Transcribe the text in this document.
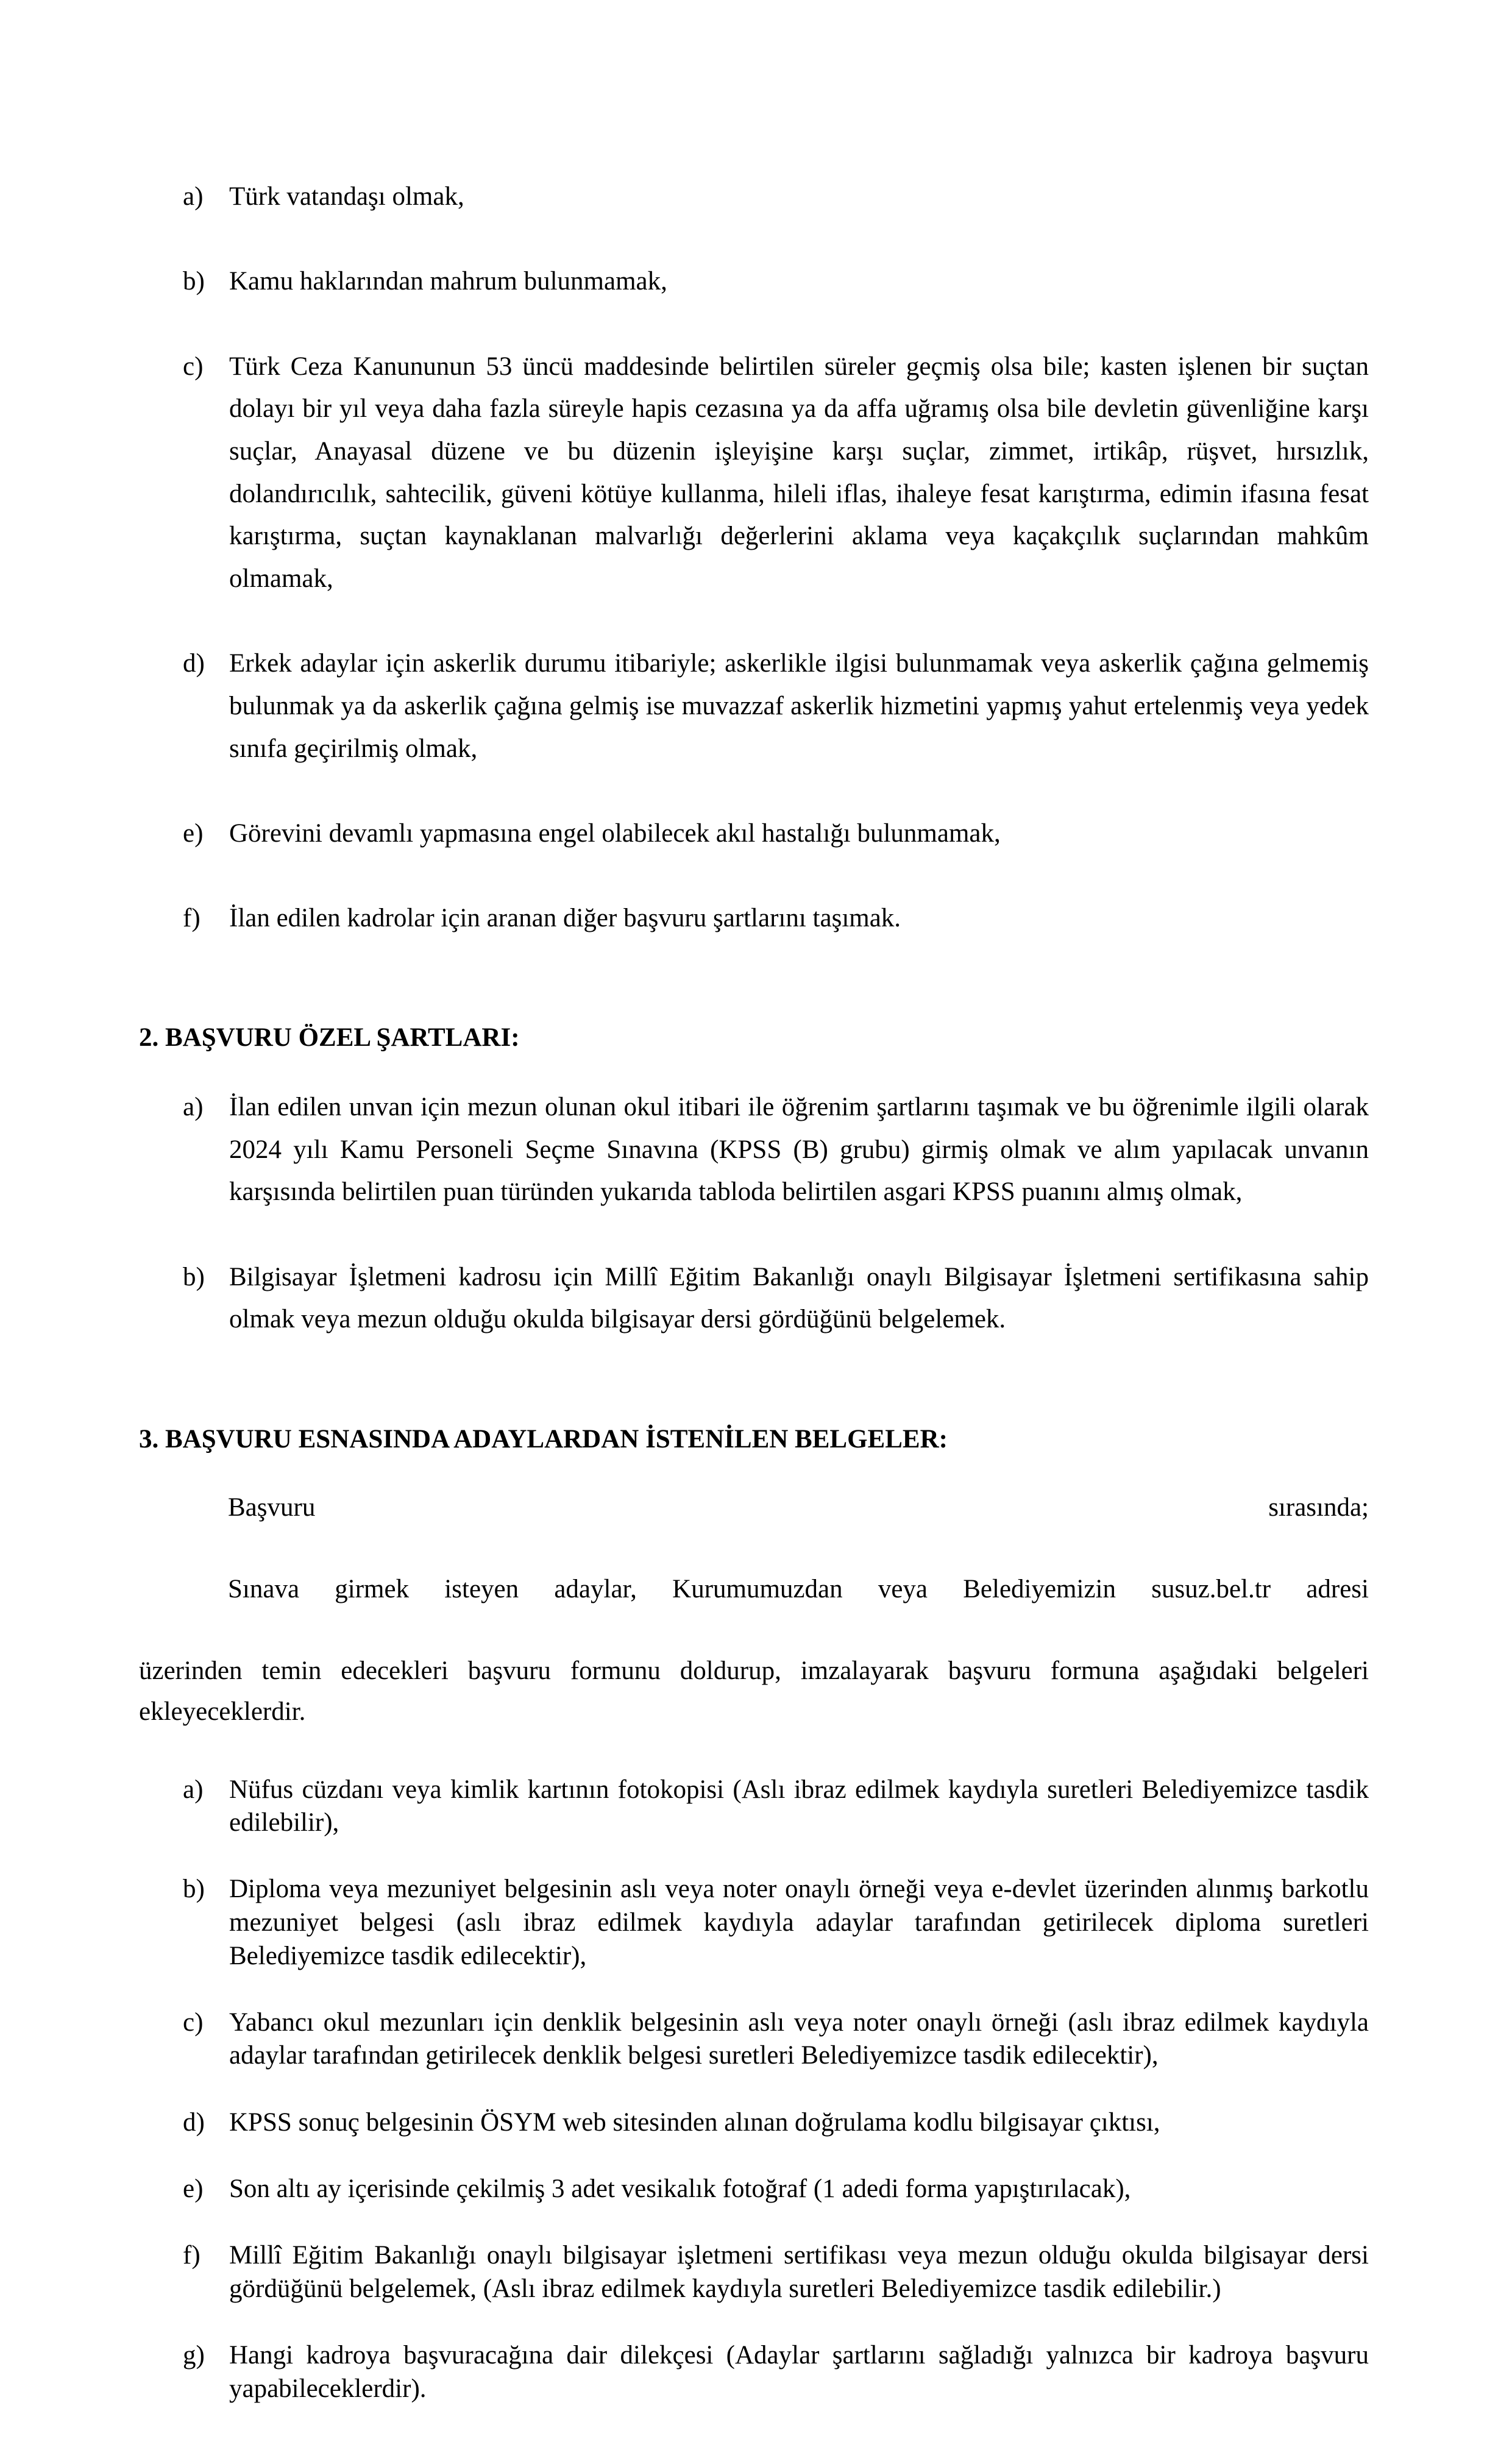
a) Türk vatandaşı olmak,
b) Kamu haklarından mahrum bulunmamak,
c) Türk Ceza Kanununun 53 üncü maddesinde belirtilen süreler geçmiş olsa bile; kasten işlenen bir suçtan dolayı bir yıl veya daha fazla süreyle hapis cezasına ya da affa uğramış olsa bile devletin güvenliğine karşı suçlar, Anayasal düzene ve bu düzenin işleyişine karşı suçlar, zimmet, irtikâp, rüşvet, hırsızlık, dolandırıcılık, sahtecilik, güveni kötüye kullanma, hileli iflas, ihaleye fesat karıştırma, edimin ifasına fesat karıştırma, suçtan kaynaklanan malvarlığı değerlerini aklama veya kaçakçılık suçlarından mahkûm olmamak,
d) Erkek adaylar için askerlik durumu itibariyle; askerlikle ilgisi bulunmamak veya askerlik çağına gelmemiş bulunmak ya da askerlik çağına gelmiş ise muvazzaf askerlik hizmetini yapmış yahut ertelenmiş veya yedek sınıfa geçirilmiş olmak,
e) Görevini devamlı yapmasına engel olabilecek akıl hastalığı bulunmamak,
f)	İlan edilen kadrolar için aranan diğer başvuru şartlarını taşımak.
2. BAŞVURU ÖZEL ŞARTLARI:
a) İlan edilen unvan için mezun olunan okul itibari ile öğrenim şartlarını taşımak ve bu öğrenimle ilgili olarak 2024 yılı Kamu Personeli Seçme Sınavına (KPSS (B) grubu) girmiş olmak ve alım yapılacak unvanın karşısında belirtilen puan türünden yukarıda tabloda belirtilen asgari KPSS puanını almış olmak,
b) Bilgisayar İşletmeni kadrosu için Millî Eğitim Bakanlığı onaylı Bilgisayar İşletmeni sertifikasına sahip olmak veya mezun olduğu okulda bilgisayar dersi gördüğünü belgelemek.
3. BAŞVURU ESNASINDA ADAYLARDAN İSTENİLEN BELGELER:

Başvuru sırasında;

Sınava girmek isteyen adaylar, Kurumumuzdan veya Belediyemizin susuz.bel.tr adresi

üzerinden temin edecekleri başvuru formunu doldurup, imzalayarak başvuru formuna aşağıdaki belgeleri ekleyeceklerdir.

a) Nüfus cüzdanı veya kimlik kartının fotokopisi (Aslı ibraz edilmek kaydıyla suretleri Belediyemizce tasdik edilebilir),
b) Diploma veya mezuniyet belgesinin aslı veya noter onaylı örneği veya e-devlet üzerinden alınmış barkotlu mezuniyet belgesi (aslı ibraz edilmek kaydıyla adaylar tarafından getirilecek diploma suretleri Belediyemizce tasdik edilecektir),
c) Yabancı okul mezunları için denklik belgesinin aslı veya noter onaylı örneği (aslı ibraz edilmek kaydıyla adaylar tarafından getirilecek denklik belgesi suretleri Belediyemizce tasdik edilecektir),
d) KPSS sonuç belgesinin ÖSYM web sitesinden alınan doğrulama kodlu bilgisayar çıktısı,
e) Son altı ay içerisinde çekilmiş 3 adet vesikalık fotoğraf (1 adedi forma yapıştırılacak),
f)	Millî Eğitim Bakanlığı onaylı bilgisayar işletmeni sertifikası veya mezun olduğu okulda bilgisayar dersi gördüğünü belgelemek, (Aslı ibraz edilmek kaydıyla suretleri Belediyemizce tasdik edilebilir.)
g) Hangi kadroya başvuracağına dair dilekçesi (Adaylar şartlarını sağladığı yalnızca bir kadroya başvuru yapabileceklerdir).
